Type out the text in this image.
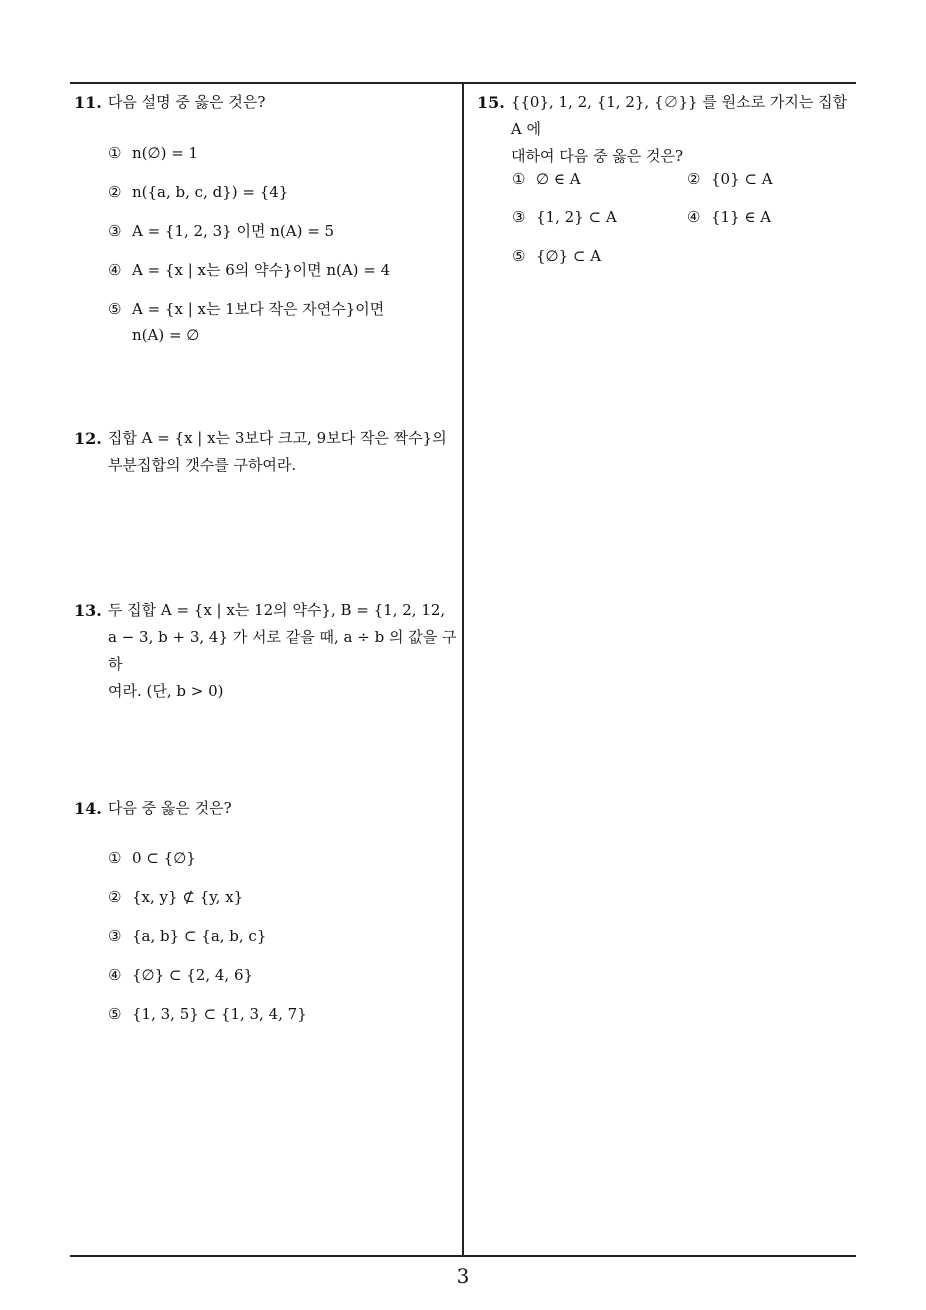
11. 다음 설명 중 옳은 것은?
① n(∅) = 1
② n({a, b, c, d}) = {4}
③ A = {1, 2, 3} 이면 n(A) = 5
④ A = {x | x는 6의 약수}이면 n(A) = 4
⑤ A = {x | x는 1보다 작은 자연수}이면
n(A) = ∅
12. 집합 A = {x | x는 3보다 크고, 9보다 작은 짝수}의
부분집합의 갯수를 구하여라.
13. 두 집합 A = {x | x는 12의 약수}, B = {1, 2, 12,
a − 3, b + 3, 4} 가 서로 같을 때, a ÷ b 의 값을 구하
여라. (단, b > 0)
14. 다음 중 옳은 것은?
① 0 ⊂ {∅}
② {x, y} ⊄ {y, x}
③ {a, b} ⊂ {a, b, c}
④ {∅} ⊂ {2, 4, 6}
⑤ {1, 3, 5} ⊂ {1, 3, 4, 7}
15. {{0}, 1, 2, {1, 2}, {∅}} 를 원소로 가지는 집합 A 에
대하여 다음 중 옳은 것은?
① ∅ ∈ A	② {0} ⊂ A
③ {1, 2} ⊂ A	④ {1} ∈ A
⑤ {∅} ⊂ A
3
